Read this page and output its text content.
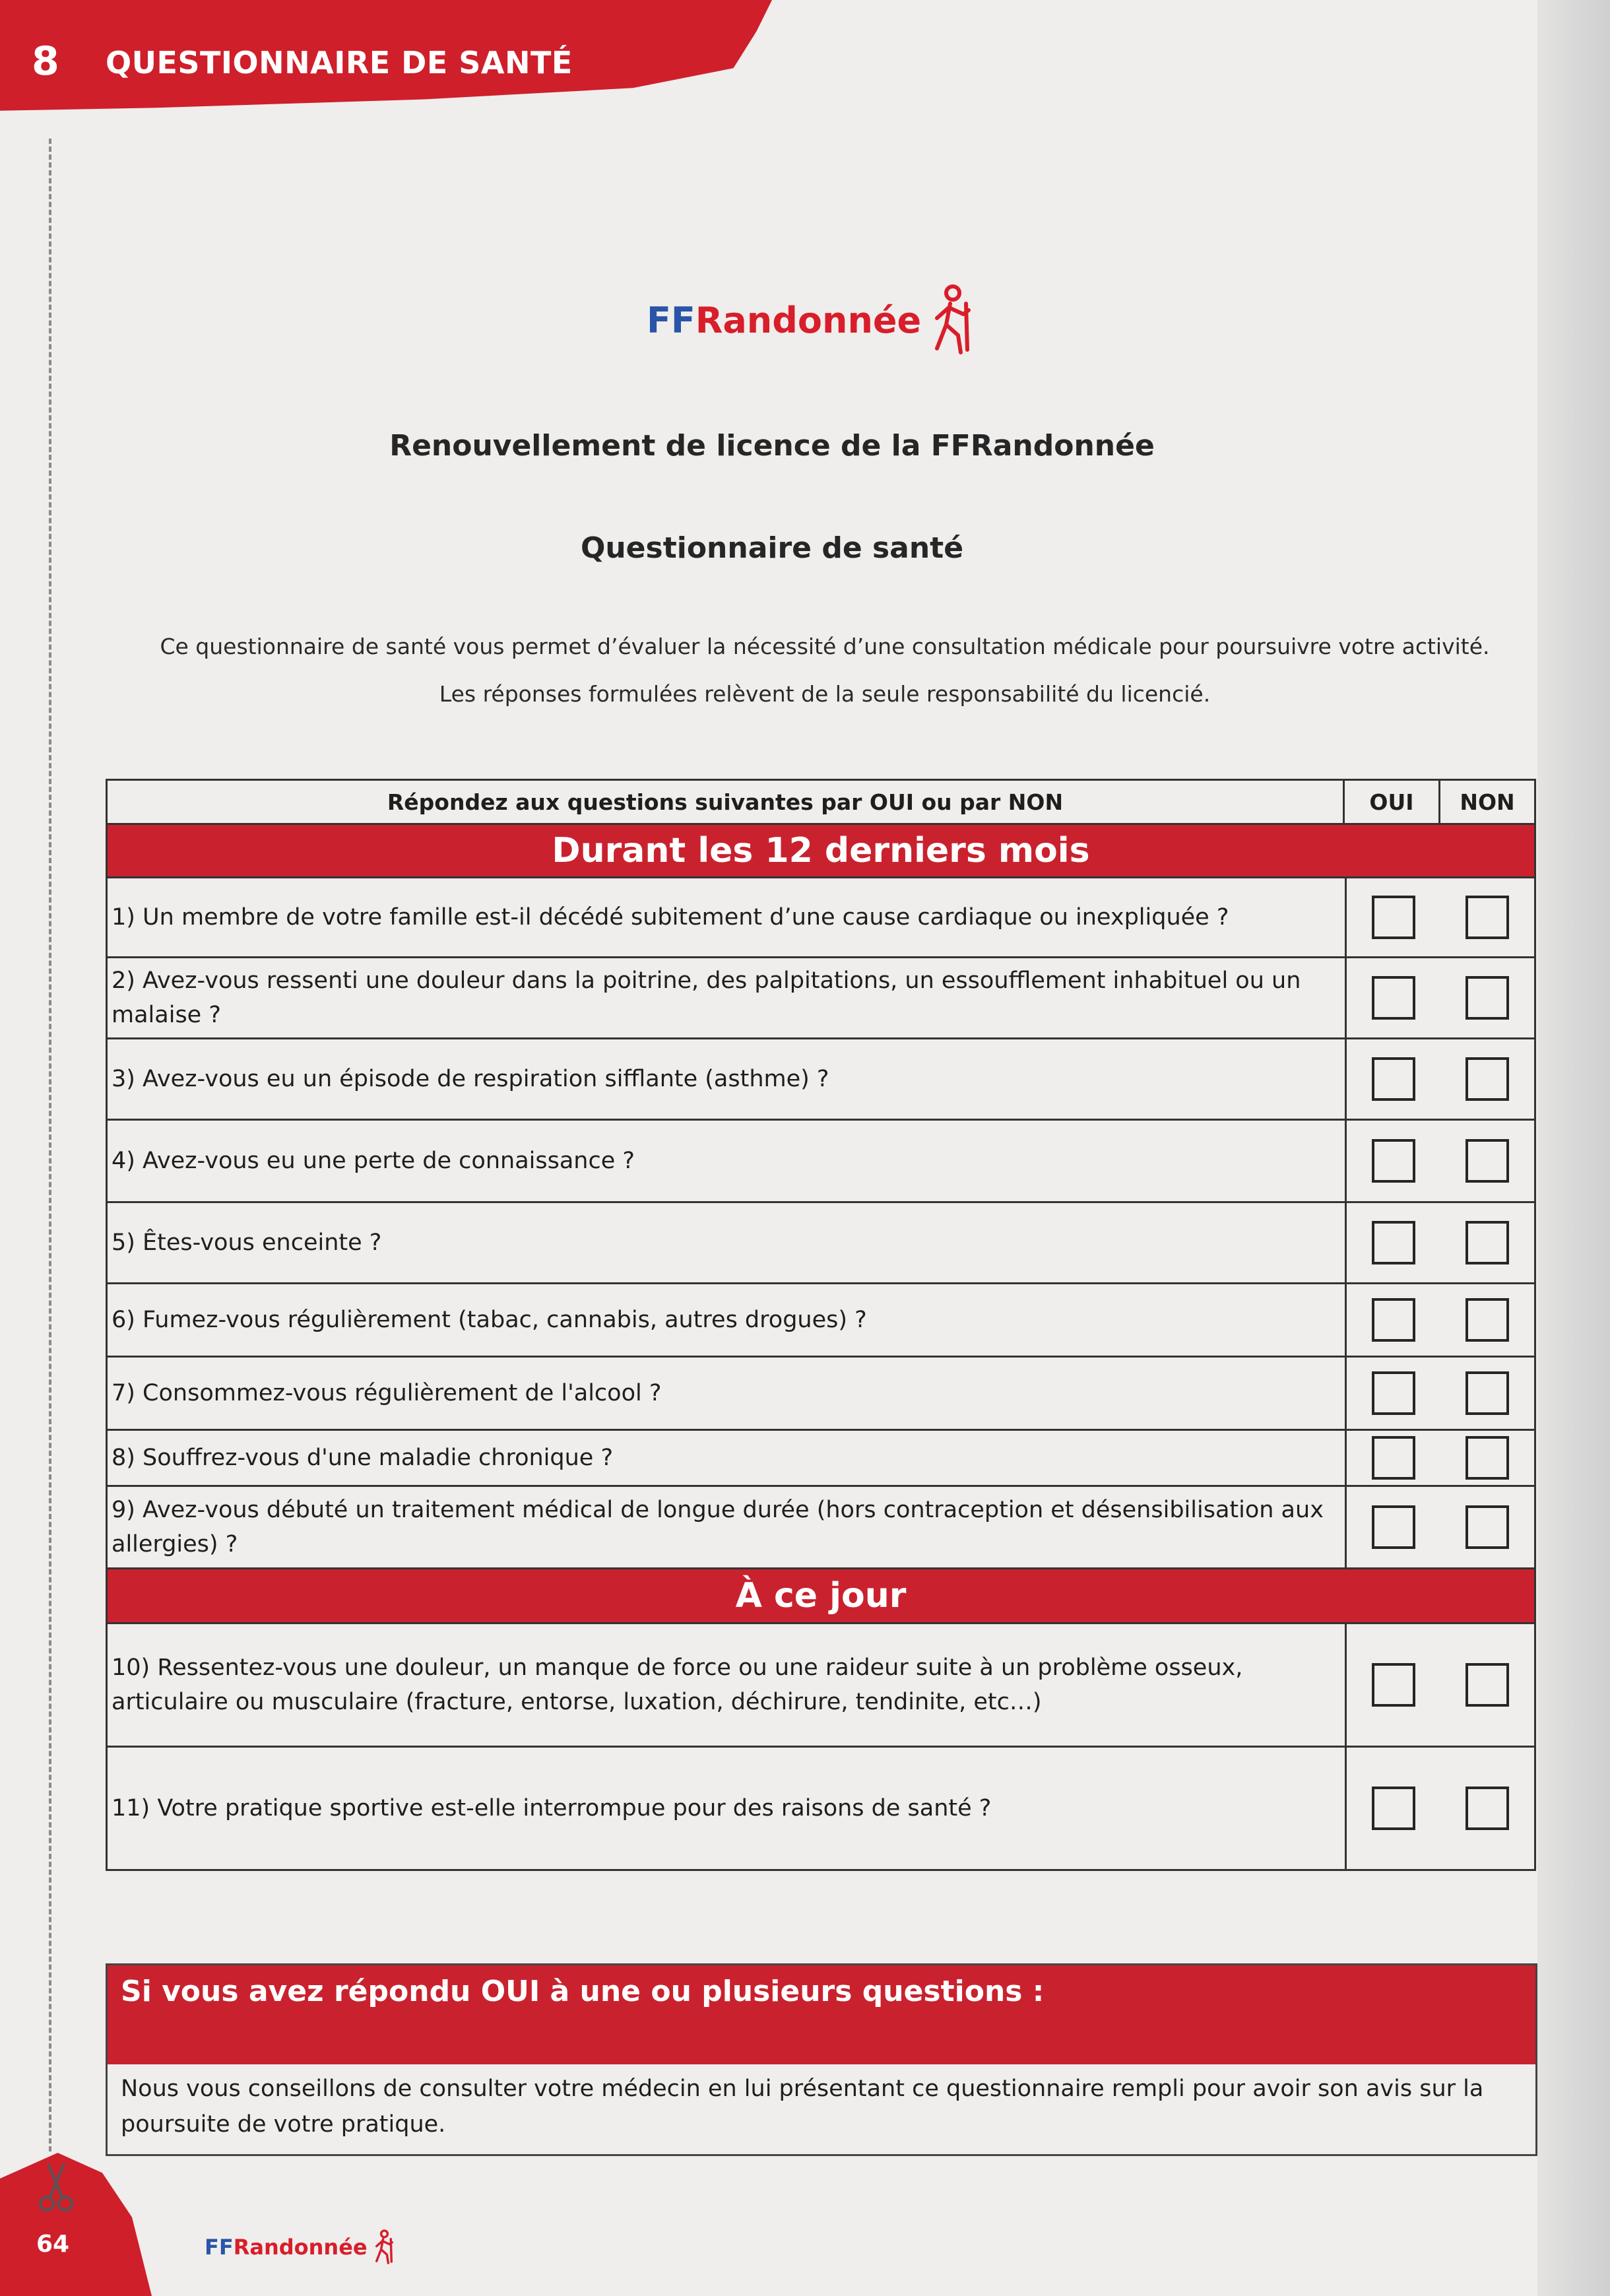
8 QUESTIONNAIRE DE SANTÉ
FF Randonnée
Renouvellement de licence de la FFRandonnée
Questionnaire de santé
Ce questionnaire de santé vous permet d’évaluer la nécessité d’une consultation médicale pour poursuivre votre activité.
Les réponses formulées relèvent de la seule responsabilité du licencié.
Répondez aux questions suivantes par OUI ou par NON	OUI	NON
Durant les 12 derniers mois
1) Un membre de votre famille est-il décédé subitement d’une cause cardiaque ou inexpliquée ?
2) Avez-vous ressenti une douleur dans la poitrine, des palpitations, un essoufflement inhabituel ou un malaise ?
3) Avez-vous eu un épisode de respiration sifflante (asthme) ?
4) Avez-vous eu une perte de connaissance ?
5) Êtes-vous enceinte ?
6) Fumez-vous régulièrement (tabac, cannabis, autres drogues) ?
7) Consommez-vous régulièrement de l'alcool ?
8) Souffrez-vous d'une maladie chronique ?
9) Avez-vous débuté un traitement médical de longue durée (hors contraception et désensibilisation aux allergies) ?
À ce jour
10) Ressentez-vous une douleur, un manque de force ou une raideur suite à un problème osseux, articulaire ou musculaire (fracture, entorse, luxation, déchirure, tendinite, etc…)
11) Votre pratique sportive est-elle interrompue pour des raisons de santé ?
Si vous avez répondu OUI à une ou plusieurs questions :
Nous vous conseillons de consulter votre médecin en lui présentant ce questionnaire rempli pour avoir son avis sur la poursuite de votre pratique.
64	FF Randonnée
